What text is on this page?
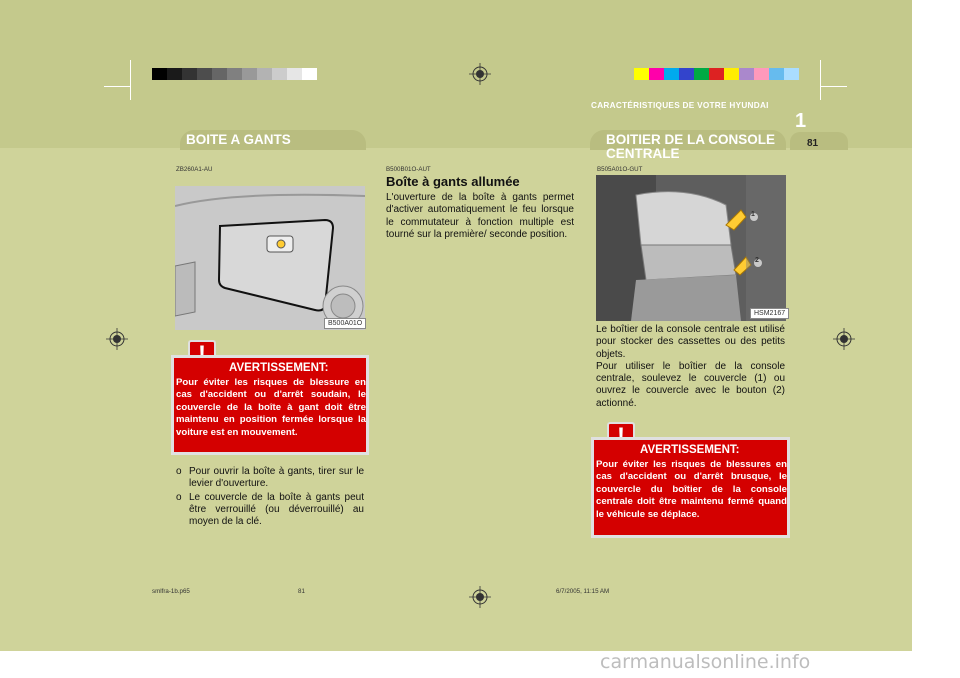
CARACTÉRISTIQUES DE VOTRE HYUNDAI
1
BOITE A GANTS	BOITIER DE LA CONSOLE CENTRALE
81
ZB260A1-AU
B500A01O
AVERTISSEMENT:
Pour éviter les risques de blessure en cas d'accident ou d'arrêt soudain, le couvercle de la boîte à gant doit être maintenu en position fermée lorsque la voiture est en mouvement.
o Pour ouvrir la boîte à gants, tirer sur le levier d'ouverture.
o Le couvercle de la boîte à gants peut être verrouillé (ou déverrouillé) au moyen de la clé.
B500B01O-AUT
Boîte à gants allumée
L'ouverture de la boîte à gants permet d'activer automatiquement le feu lorsque le commutateur à fonction multiple est tourné sur la première/ seconde position.
B505A01O-GUT
1
2
HSM2167
Le boîtier de la console centrale est utilisé pour stocker des cassettes ou des petits objets.
Pour utiliser le boîtier de la console centrale, soulevez le couvercle (1) ou ouvrez le couvercle avec le bouton (2) actionné.
AVERTISSEMENT:
Pour éviter les risques de blessures en cas d'accident ou d'arrêt brusque, le couvercle du boîtier de la console centrale doit être maintenu fermé quand le véhicule se déplace.
smlfra-1b.p65	81	6/7/2005, 11:15 AM
carmanualsonline.info
